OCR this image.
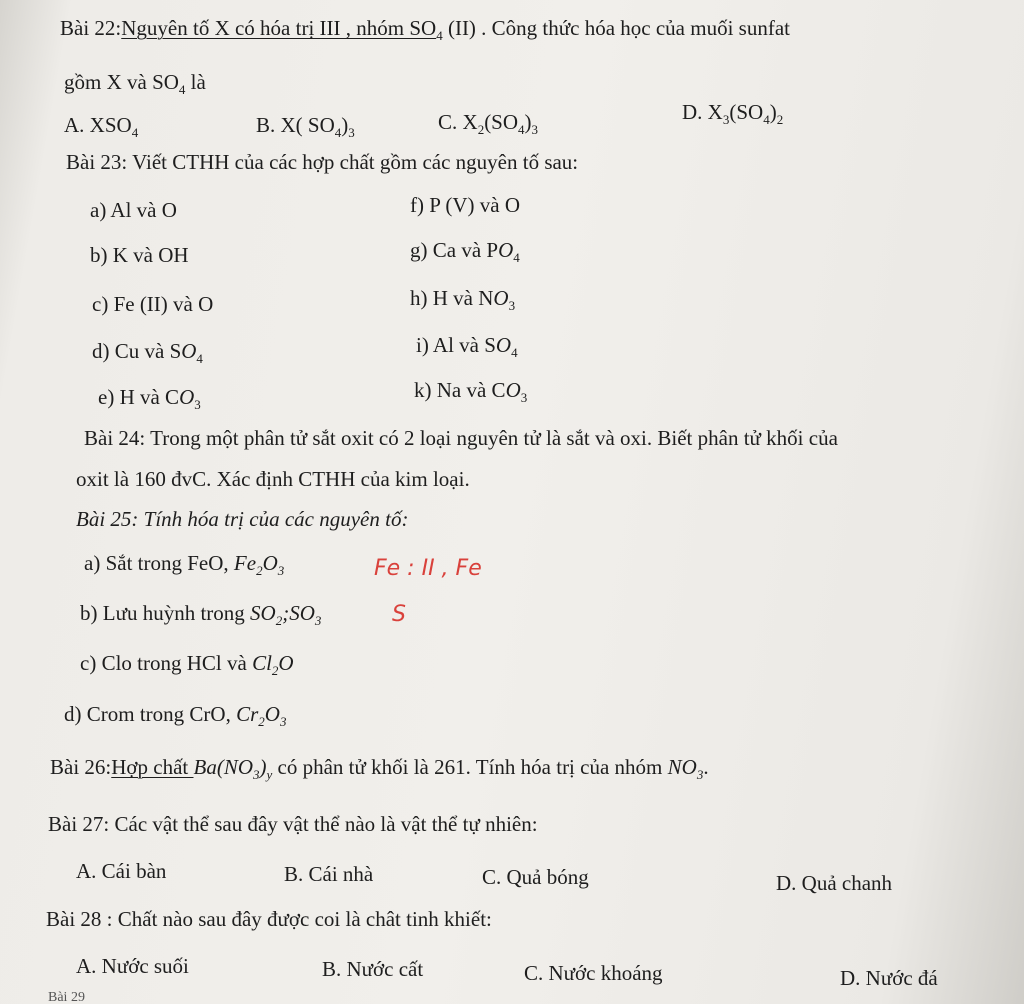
Bài 22:Nguyên tố X có hóa trị III , nhóm $SO_4$ (II) . Công thức hóa học của muối sunfat
gồm X và $SO_4$ là
A. $XSO_4$	B. X( $SO_4)_3$	C. $X_2(SO_4)_3$
D. $X_3(SO_4)_2$
Bài 23: Viết CTHH của các hợp chất gồm các nguyên tố sau:
a) Al và O
b) K và OH
c) Fe (II) và O
d) Cu và $SO_4$
e) H và $CO_3$
f) P (V) và O
g) Ca và $PO_4$
h) H và $NO_3$
i) Al và $SO_4$
k) Na và $CO_3$
Bài 24: Trong một phân tử sắt oxit có 2 loại nguyên tử là sắt và oxi. Biết phân tử khối của
oxit là 160 đvC. Xác định CTHH của kim loại.
Bài 25: Tính hóa trị của các nguyên tố:
a) Sắt trong FeO, $Fe_2O_3$
b) Lưu huỳnh trong $SO_2;SO_3$
c) Clo trong HCl và $Cl_2O$
d) Crom trong CrO, $Cr_2O_3$
Fe : II , Fe
S
Bài 26:Hợp chất $Ba(NO_3)_y$ có phân tử khối là 261. Tính hóa trị của nhóm $NO_3$.
Bài 27: Các vật thể sau đây vật thể nào là vật thể tự nhiên:
A. Cái bàn	B. Cái nhà	C. Quả bóng	D. Quả chanh
Bài 28 : Chất nào sau đây được coi là chât tinh khiết:
A. Nước suối	B. Nước cất	C. Nước khoáng	D. Nước đá
Bài 29
